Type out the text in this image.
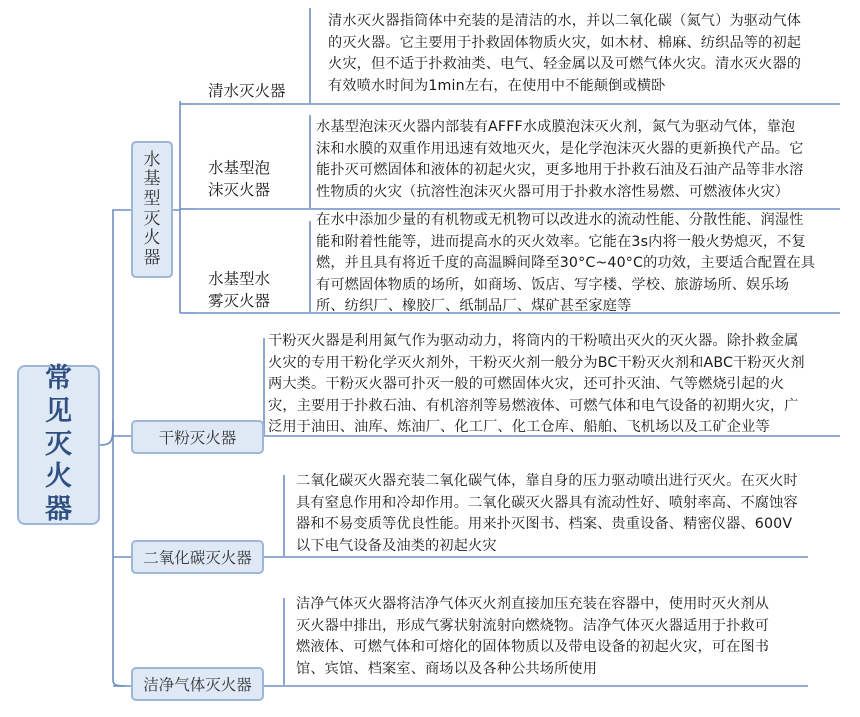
常
见
灭
火
器
水
基
型
灭
火
器
清水灭火器
清水灭火器指筒体中充装的是清洁的水，并以二氧化碳（氮气）为驱动气体
的灭火器。它主要用于扑救固体物质火灾，如木材、棉麻、纺织品等的初起
火灾，但不适于扑救油类、电气、轻金属以及可燃气体火灾。清水灭火器的
有效喷水时间为1min左右，在使用中不能颠倒或横卧
水基型泡
沫灭火器
水基型泡沫灭火器内部装有AFFF水成膜泡沫灭火剂，氮气为驱动气体，靠泡
沫和水膜的双重作用迅速有效地灭火，是化学泡沫灭火器的更新换代产品。它
能扑灭可燃固体和液体的初起火灾，更多地用于扑救石油及石油产品等非水溶
性物质的火灾（抗溶性泡沫灭火器可用于扑救水溶性易燃、可燃液体火灾）
水基型水
雾灭火器
在水中添加少量的有机物或无机物可以改进水的流动性能、分散性能、润湿性
能和附着性能等，进而提高水的灭火效率。它能在3s内将一般火势熄灭，不复
燃，并且具有将近千度的高温瞬间降至30°C~40°C的功效，主要适合配置在具
有可燃固体物质的场所，如商场、饭店、写字楼、学校、旅游场所、娱乐场
所、纺织厂、橡胶厂、纸制品厂、煤矿甚至家庭等
干粉灭火器
干粉灭火器是利用氮气作为驱动动力，将筒内的干粉喷出灭火的灭火器。除扑救金属
火灾的专用干粉化学灭火剂外，干粉灭火剂一般分为BC干粉灭火剂和ABC干粉灭火剂
两大类。干粉灭火器可扑灭一般的可燃固体火灾，还可扑灭油、气等燃烧引起的火
灾，主要用于扑救石油、有机溶剂等易燃液体、可燃气体和电气设备的初期火灾，广
泛用于油田、油库、炼油厂、化工厂、化工仓库、船舶、飞机场以及工矿企业等
二氧化碳灭火器
二氧化碳灭火器充装二氧化碳气体，靠自身的压力驱动喷出进行灭火。在灭火时
具有窒息作用和冷却作用。二氧化碳灭火器具有流动性好、喷射率高、不腐蚀容
器和不易变质等优良性能。用来扑灭图书、档案、贵重设备、精密仪器、600V
以下电气设备及油类的初起火灾
洁净气体灭火器
洁净气体灭火器将洁净气体灭火剂直接加压充装在容器中，使用时灭火剂从
灭火器中排出，形成气雾状射流射向燃烧物。洁净气体灭火器适用于扑救可
燃液体、可燃气体和可熔化的固体物质以及带电设备的初起火灾，可在图书
馆、宾馆、档案室、商场以及各种公共场所使用
